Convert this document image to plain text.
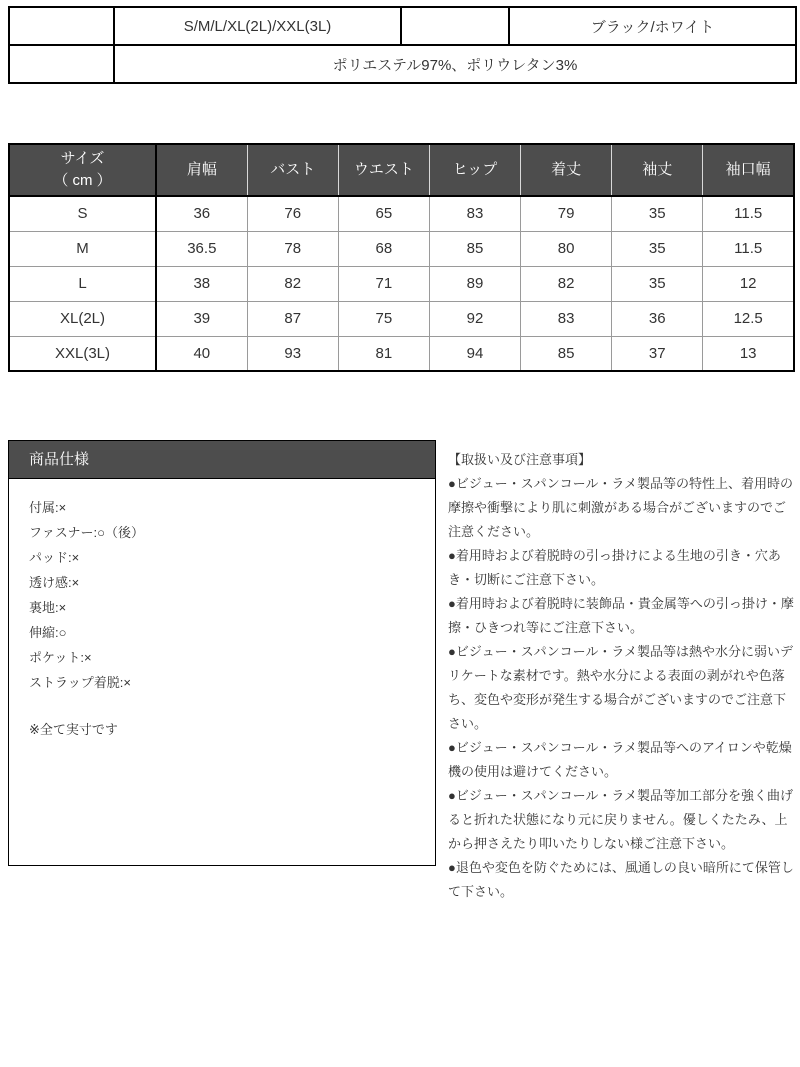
サイズ	S/M/L/XL(2L)/XXL(3L)	カラー	ブラック/ホワイト
素材	ポリエステル97%、ポリウレタン3%		
サイズ
（ cm ）	肩幅	バスト	ウエスト	ヒップ	着丈	袖丈	袖口幅
S	36	76	65	83	79	35	11.5
M	36.5	78	68	85	80	35	11.5
L	38	82	71	89	82	35	12
XL(2L)	39	87	75	92	83	36	12.5
XXL(3L)	40	93	81	94	85	37	13
商品仕様
付属:×
ファスナー:○（後）
パッド:×
透け感:×
裏地:×
伸縮:○
ポケット:×
ストラップ着脱:×
※全て実寸です
【取扱い及び注意事項】

●ビジュー・スパンコール・ラメ製品等の特性上、着用時の摩擦や衝撃により肌に刺激がある場合がございますのでご注意ください。

●着用時および着脱時の引っ掛けによる生地の引き・穴あき・切断にご注意下さい。

●着用時および着脱時に装飾品・貴金属等への引っ掛け・摩擦・ひきつれ等にご注意下さい。

●ビジュー・スパンコール・ラメ製品等は熱や水分に弱いデリケートな素材です。熱や水分による表面の剥がれや色落ち、変色や変形が発生する場合がございますのでご注意下さい。

●ビジュー・スパンコール・ラメ製品等へのアイロンや乾燥機の使用は避けてください。

●ビジュー・スパンコール・ラメ製品等加工部分を強く曲げると折れた状態になり元に戻りません。優しくたたみ、上から押さえたり叩いたりしない様ご注意下さい。

●退色や変色を防ぐためには、風通しの良い暗所にて保管して下さい。
